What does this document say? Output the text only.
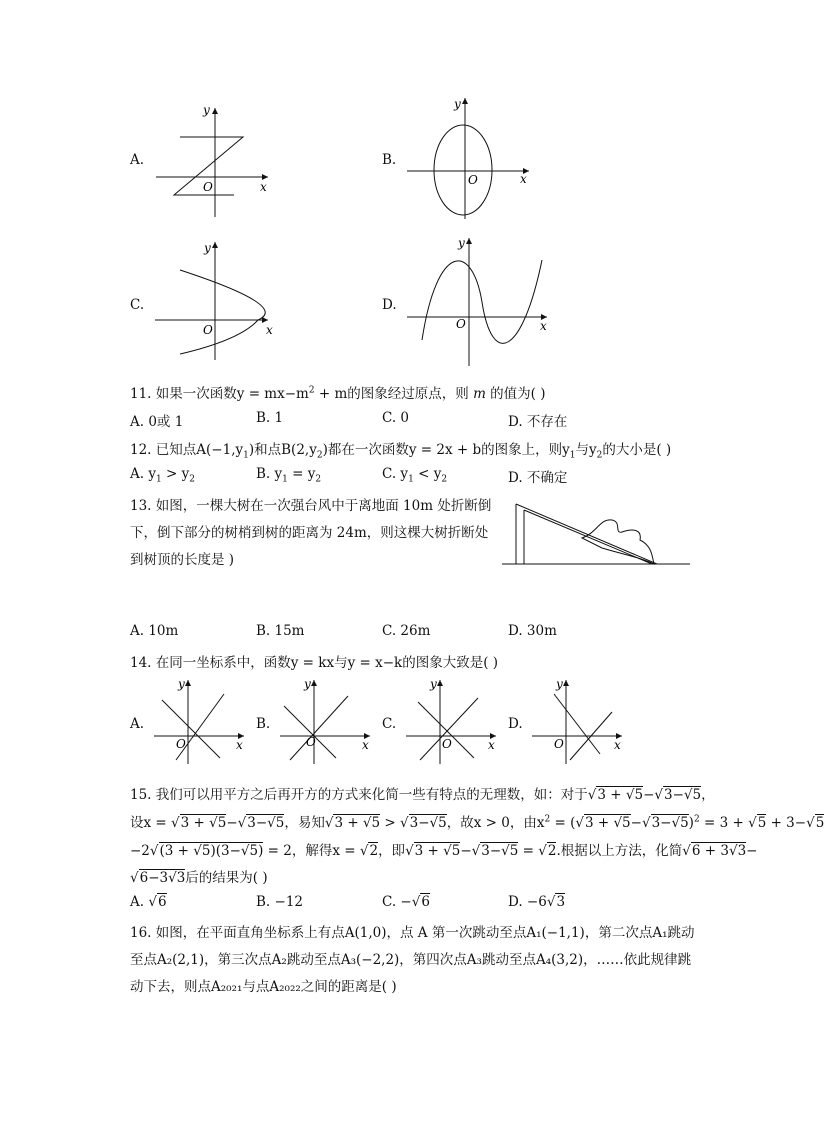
A.
x
y
O
B.
x
y
O
C.
x
y
O
D.
x
y
O
11. 如果一次函数$y = mx-m^2 + m$的图象经过原点，则 m 的值为( )
A. 0或 1	B. 1	C. 0	D. 不存在
12. 已知点$A(-1,y_1)$和点$B(2,y_2)$都在一次函数y = 2x + b的图象上，则$y_1$与$y_2$的大小是( )
A. $y_1 > y_2$	B. $y_1 = y_2$	C. $y_1 < y_2$	D. 不确定
13. 如图，一棵大树在一次强台风中于离地面 10m 处折断倒
下，倒下部分的树梢到树的距离为 24m，则这棵大树折断处
到树顶的长度是 )
A. 10m	B. 15m	C. 26m	D. 30m
14. 在同一坐标系中，函数y = kx与y = x−k的图象大致是( )
A.
x
y
O
B.
x
y
O
C.
x
y
O
D.
x
y
O
15. 我们可以用平方之后再开方的方式来化简一些有特点的无理数，如：对于√3 + √5−√3−√5，
设x = √3 + √5−√3−√5，易知√3 + √5 > √3−√5，故x > 0，由$x^2 = (√3 + √5-√3-√5)^2 = 3 + √5 + 3-√5$
−2√(3 + √5)(3−√5) = 2，解得x = √2，即√3 + √5−√3−√5 = √2.根据以上方法，化简√6 + 3√3−
√6−3√3后的结果为( )
A. √6	B. −12	C. −√6	D. −6√3
16. 如图，在平面直角坐标系上有点A(1,0)，点 A 第一次跳动至点A₁(−1,1)，第二次点A₁跳动
至点A₂(2,1)，第三次点A₂跳动至点A₃(−2,2)，第四次点A₃跳动至点A₄(3,2)，……依此规律跳
动下去，则点A₂₀₂₁与点A₂₀₂₂之间的距离是( )
